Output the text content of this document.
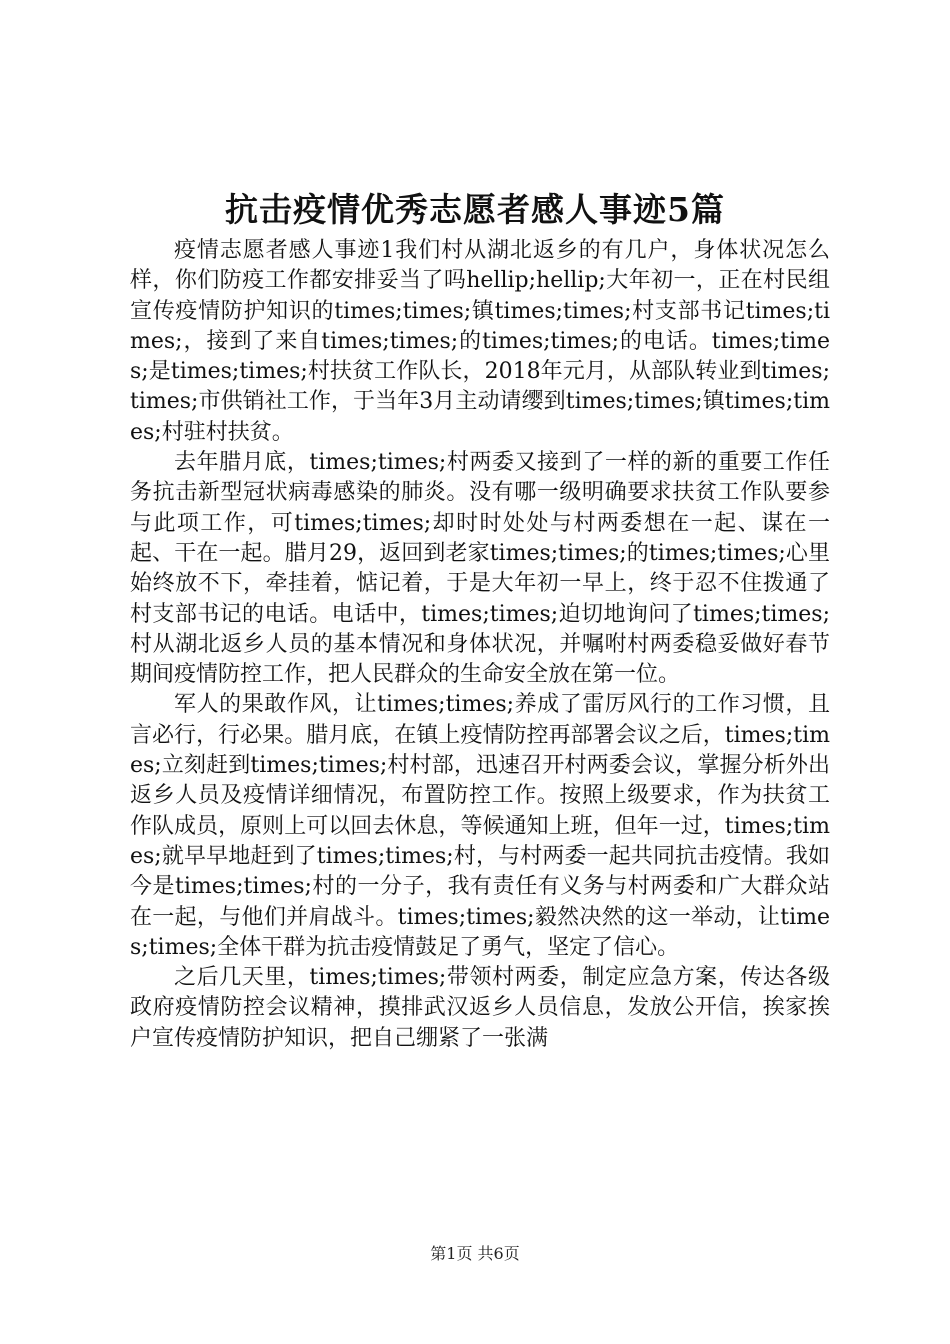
抗击疫情优秀志愿者感人事迹5篇

疫情志愿者感人事迹1我们村从湖北返乡的有几户，身体状况怎么样，你们防疫工作都安排妥当了吗hellip;hellip;大年初一，正在村民组宣传疫情防护知识的times;times;镇times;times;村支部书记times;times;，接到了来自times;times;的times;times;的电话。times;times;是times;times;村扶贫工作队长，2018年元月，从部队转业到times;times;市供销社工作，于当年3月主动请缨到times;times;镇times;times;村驻村扶贫。

去年腊月底，times;times;村两委又接到了一样的新的重要工作任务抗击新型冠状病毒感染的肺炎。没有哪一级明确要求扶贫工作队要参与此项工作，可times;times;却时时处处与村两委想在一起、谋在一起、干在一起。腊月29，返回到老家times;times;的times;times;心里始终放不下，牵挂着，惦记着，于是大年初一早上，终于忍不住拨通了村支部书记的电话。电话中，times;times;迫切地询问了times;times;村从湖北返乡人员的基本情况和身体状况，并嘱咐村两委稳妥做好春节期间疫情防控工作，把人民群众的生命安全放在第一位。

军人的果敢作风，让times;times;养成了雷厉风行的工作习惯，且言必行，行必果。腊月底，在镇上疫情防控再部署会议之后，times;times;立刻赶到times;times;村村部，迅速召开村两委会议，掌握分析外出返乡人员及疫情详细情况，布置防控工作。按照上级要求，作为扶贫工作队成员，原则上可以回去休息，等候通知上班，但年一过，times;times;就早早地赶到了times;times;村，与村两委一起共同抗击疫情。我如今是times;times;村的一分子，我有责任有义务与村两委和广大群众站在一起，与他们并肩战斗。times;times;毅然决然的这一举动，让times;times;全体干群为抗击疫情鼓足了勇气，坚定了信心。

之后几天里，times;times;带领村两委，制定应急方案，传达各级政府疫情防控会议精神，摸排武汉返乡人员信息，发放公开信，挨家挨户宣传疫情防护知识，把自己绷紧了一张满

第1页 共6页
